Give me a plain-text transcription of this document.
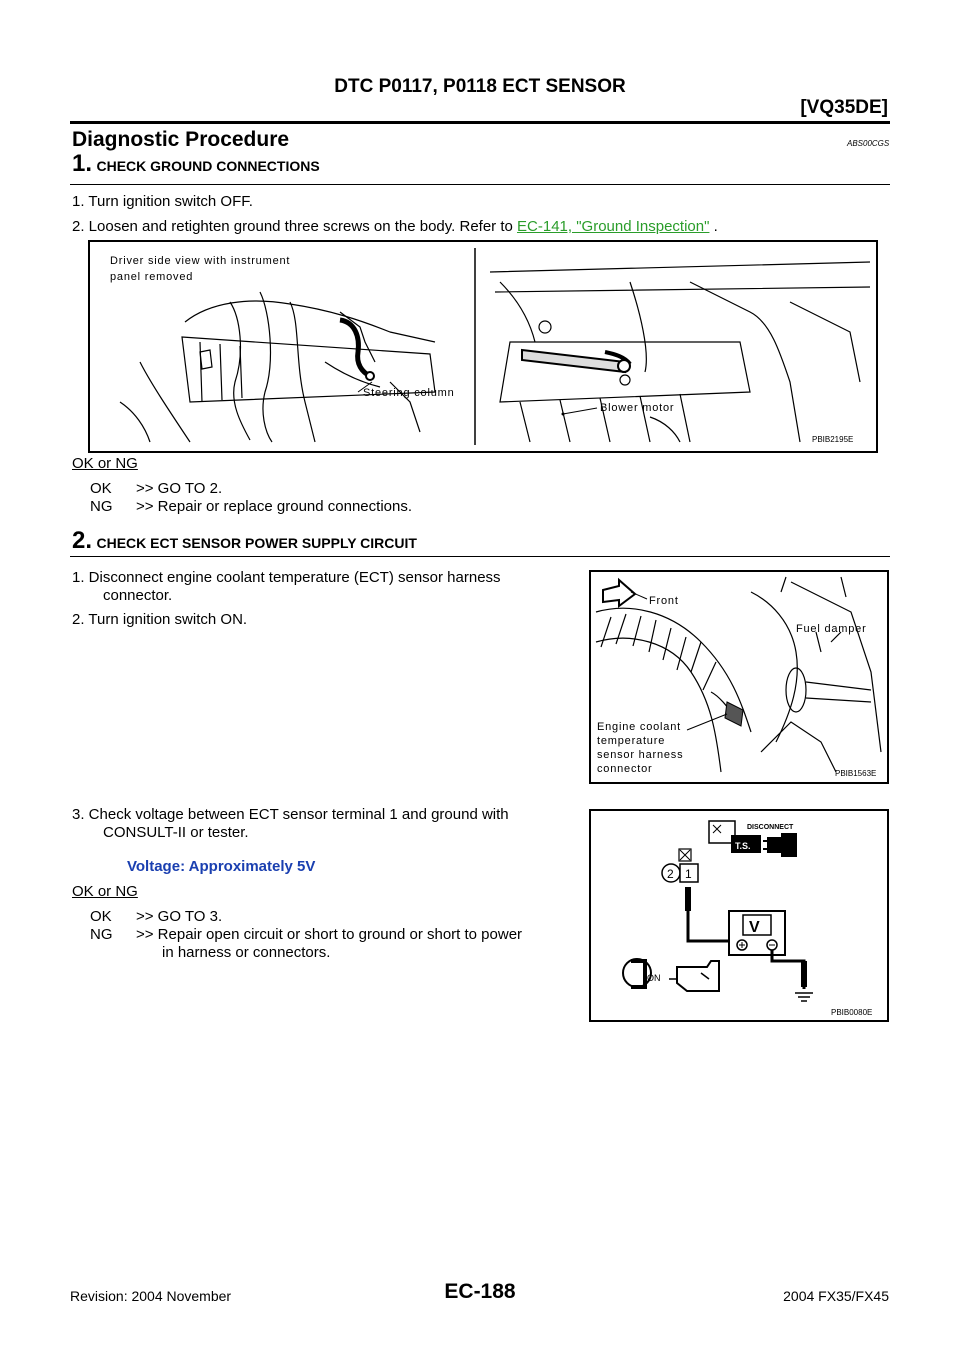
DTC P0117, P0118 ECT SENSOR
[VQ35DE]
Diagnostic Procedure	ABS00CGS
1. CHECK GROUND CONNECTIONS
1. Turn ignition switch OFF.
2. Loosen and retighten ground three screws on the body. Refer to EC-141, "Ground Inspection" .
Driver side view with instrument
panel removed
Steering column
Blower motor
PBIB2195E
OK or NG
OK	>> GO TO 2.
NG	>> Repair or replace ground connections.
2. CHECK ECT SENSOR POWER SUPPLY CIRCUIT
1. Disconnect engine coolant temperature (ECT) sensor harness
connector.
2. Turn ignition switch ON.
Front
Fuel damper
Engine coolant
temperature
sensor harness
connector	PBIB1563E
3. Check voltage between ECT sensor terminal 1 and ground with
CONSULT-II or tester.
Voltage: Approximately 5V
OK or NG
OK	>> GO TO 3.
NG	>> Repair open circuit or short to ground or short to power
in harness or connectors.
T.S.
DISCONNECT
2 1
V
ON
PBIB0080E
Revision: 2004 November	EC-188	2004 FX35/FX45
